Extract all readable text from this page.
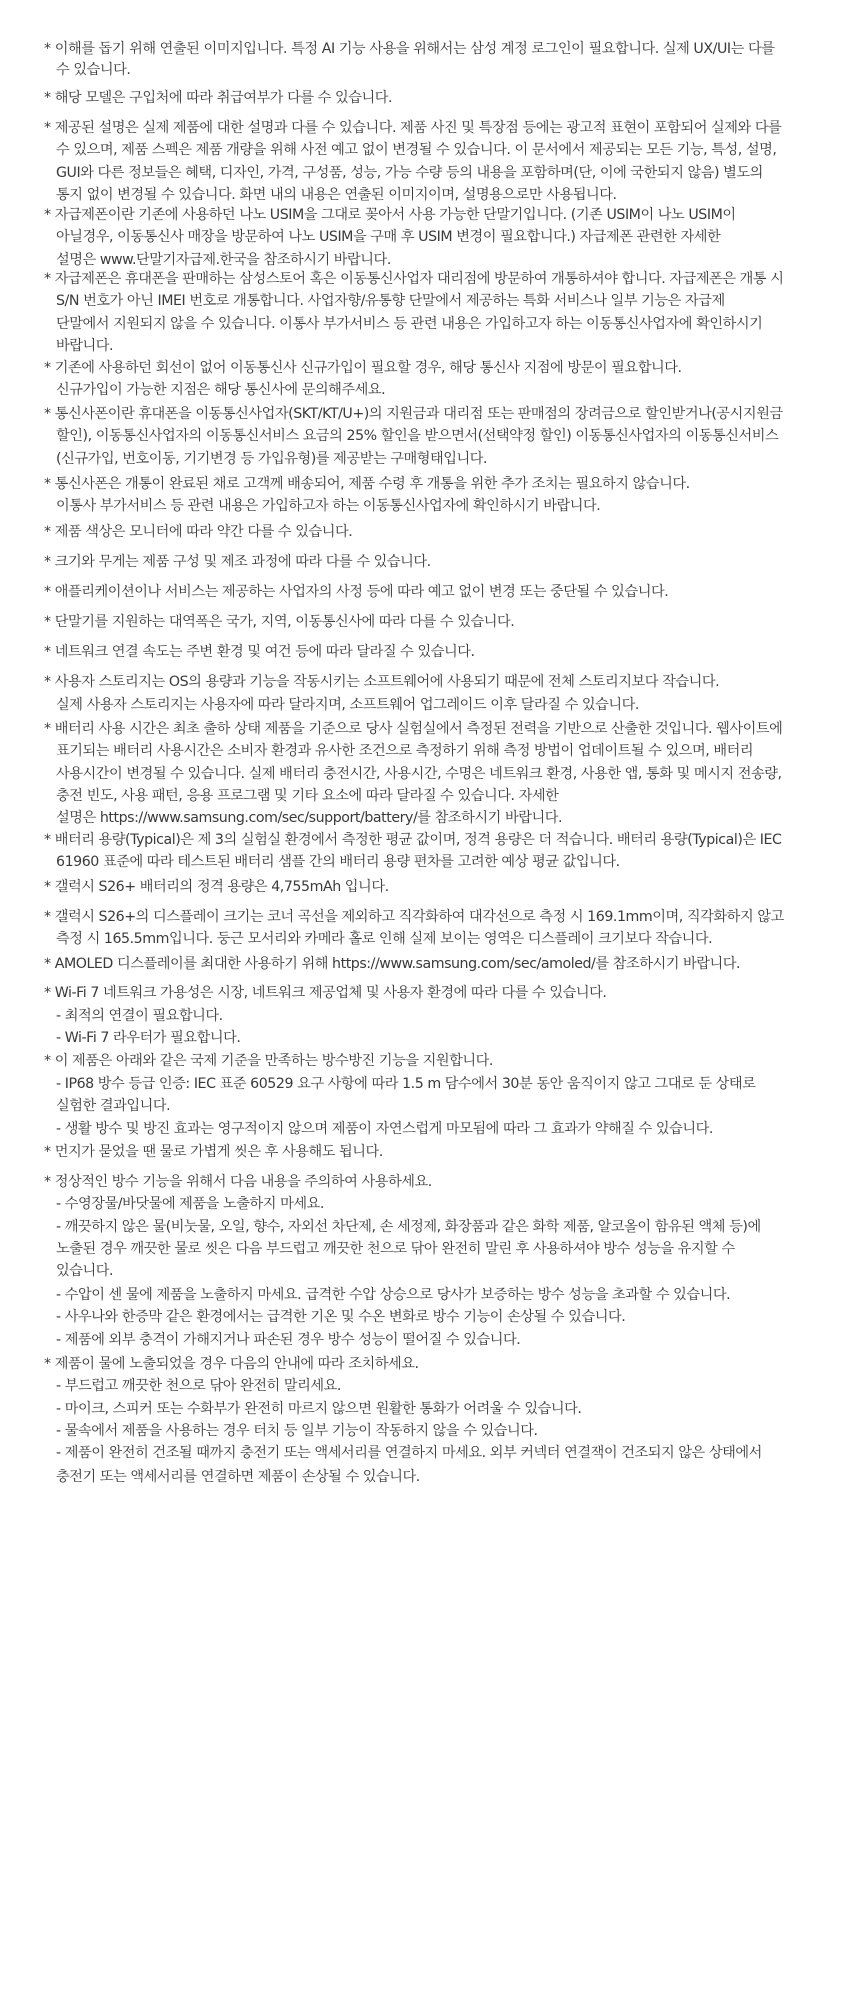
* 이해를 돕기 위해 연출된 이미지입니다. 특정 AI 기능 사용을 위해서는 삼성 계정 로그인이 필요합니다. 실제 UX/UI는 다를
수 있습니다.
* 해당 모델은 구입처에 따라 취급여부가 다를 수 있습니다.
* 제공된 설명은 실제 제품에 대한 설명과 다를 수 있습니다. 제품 사진 및 특장점 등에는 광고적 표현이 포함되어 실제와 다를
수 있으며, 제품 스펙은 제품 개량을 위해 사전 예고 없이 변경될 수 있습니다. 이 문서에서 제공되는 모든 기능, 특성, 설명,
GUI와 다른 정보들은 혜택, 디자인, 가격, 구성품, 성능, 가능 수량 등의 내용을 포함하며(단, 이에 국한되지 않음) 별도의
통지 없이 변경될 수 있습니다. 화면 내의 내용은 연출된 이미지이며, 설명용으로만 사용됩니다.
* 자급제폰이란 기존에 사용하던 나노 USIM을 그대로 꽂아서 사용 가능한 단말기입니다. (기존 USIM이 나노 USIM이
아닐경우, 이동통신사 매장을 방문하여 나노 USIM을 구매 후 USIM 변경이 필요합니다.) 자급제폰 관련한 자세한
설명은 www.단말기자급제.한국을 참조하시기 바랍니다.
* 자급제폰은 휴대폰을 판매하는 삼성스토어 혹은 이동통신사업자 대리점에 방문하여 개통하셔야 합니다. 자급제폰은 개통 시
S/N 번호가 아닌 IMEI 번호로 개통합니다. 사업자향/유통향 단말에서 제공하는 특화 서비스나 일부 기능은 자급제
단말에서 지원되지 않을 수 있습니다. 이통사 부가서비스 등 관련 내용은 가입하고자 하는 이동통신사업자에 확인하시기
바랍니다.
* 기존에 사용하던 회선이 없어 이동통신사 신규가입이 필요할 경우, 해당 통신사 지점에 방문이 필요합니다.
신규가입이 가능한 지점은 해당 통신사에 문의해주세요.
* 통신사폰이란 휴대폰을 이동통신사업자(SKT/KT/U+)의 지원금과 대리점 또는 판매점의 장려금으로 할인받거나(공시지원금
할인), 이동통신사업자의 이동통신서비스 요금의 25% 할인을 받으면서(선택약정 할인) 이동통신사업자의 이동통신서비스
(신규가입, 번호이동, 기기변경 등 가입유형)를 제공받는 구매형태입니다.
* 통신사폰은 개통이 완료된 채로 고객께 배송되어, 제품 수령 후 개통을 위한 추가 조치는 필요하지 않습니다.
이통사 부가서비스 등 관련 내용은 가입하고자 하는 이동통신사업자에 확인하시기 바랍니다.
* 제품 색상은 모니터에 따라 약간 다를 수 있습니다.
* 크기와 무게는 제품 구성 및 제조 과정에 따라 다를 수 있습니다.
* 애플리케이션이나 서비스는 제공하는 사업자의 사정 등에 따라 예고 없이 변경 또는 중단될 수 있습니다.
* 단말기를 지원하는 대역폭은 국가, 지역, 이동통신사에 따라 다를 수 있습니다.
* 네트워크 연결 속도는 주변 환경 및 여건 등에 따라 달라질 수 있습니다.
* 사용자 스토리지는 OS의 용량과 기능을 작동시키는 소프트웨어에 사용되기 때문에 전체 스토리지보다 작습니다.
실제 사용자 스토리지는 사용자에 따라 달라지며, 소프트웨어 업그레이드 이후 달라질 수 있습니다.
* 배터리 사용 시간은 최초 출하 상태 제품을 기준으로 당사 실험실에서 측정된 전력을 기반으로 산출한 것입니다. 웹사이트에
표기되는 배터리 사용시간은 소비자 환경과 유사한 조건으로 측정하기 위해 측정 방법이 업데이트될 수 있으며, 배터리
사용시간이 변경될 수 있습니다. 실제 배터리 충전시간, 사용시간, 수명은 네트워크 환경, 사용한 앱, 통화 및 메시지 전송량,
충전 빈도, 사용 패턴, 응용 프로그램 및 기타 요소에 따라 달라질 수 있습니다. 자세한
설명은 https://www.samsung.com/sec/support/battery/를 참조하시기 바랍니다.
* 배터리 용량(Typical)은 제 3의 실험실 환경에서 측정한 평균 값이며, 정격 용량은 더 적습니다. 배터리 용량(Typical)은 IEC
61960 표준에 따라 테스트된 배터리 샘플 간의 배터리 용량 편차를 고려한 예상 평균 값입니다.
* 갤럭시 S26+ 배터리의 정격 용량은 4,755mAh 입니다.
* 갤럭시 S26+의 디스플레이 크기는 코너 곡선을 제외하고 직각화하여 대각선으로 측정 시 169.1mm이며, 직각화하지 않고
측정 시 165.5mm입니다. 둥근 모서리와 카메라 홀로 인해 실제 보이는 영역은 디스플레이 크기보다 작습니다.
* AMOLED 디스플레이를 최대한 사용하기 위해 https://www.samsung.com/sec/amoled/를 참조하시기 바랍니다.
* Wi-Fi 7 네트워크 가용성은 시장, 네트워크 제공업체 및 사용자 환경에 따라 다를 수 있습니다.
- 최적의 연결이 필요합니다.
- Wi-Fi 7 라우터가 필요합니다.
* 이 제품은 아래와 같은 국제 기준을 만족하는 방수방진 기능을 지원합니다.
- IP68 방수 등급 인증: IEC 표준 60529 요구 사항에 따라 1.5 m 담수에서 30분 동안 움직이지 않고 그대로 둔 상태로
실험한 결과입니다.
- 생활 방수 및 방진 효과는 영구적이지 않으며 제품이 자연스럽게 마모됨에 따라 그 효과가 약해질 수 있습니다.
* 먼지가 묻었을 땐 물로 가볍게 씻은 후 사용해도 됩니다.
* 정상적인 방수 기능을 위해서 다음 내용을 주의하여 사용하세요.
- 수영장물/바닷물에 제품을 노출하지 마세요.
- 깨끗하지 않은 물(비눗물, 오일, 향수, 자외선 차단제, 손 세정제, 화장품과 같은 화학 제품, 알코올이 함유된 액체 등)에
노출된 경우 깨끗한 물로 씻은 다음 부드럽고 깨끗한 천으로 닦아 완전히 말린 후 사용하셔야 방수 성능을 유지할 수
있습니다.
- 수압이 센 물에 제품을 노출하지 마세요. 급격한 수압 상승으로 당사가 보증하는 방수 성능을 초과할 수 있습니다.
- 사우나와 한증막 같은 환경에서는 급격한 기온 및 수온 변화로 방수 기능이 손상될 수 있습니다.
- 제품에 외부 충격이 가해지거나 파손된 경우 방수 성능이 떨어질 수 있습니다.
* 제품이 물에 노출되었을 경우 다음의 안내에 따라 조치하세요.
- 부드럽고 깨끗한 천으로 닦아 완전히 말리세요.
- 마이크, 스피커 또는 수화부가 완전히 마르지 않으면 원활한 통화가 어려울 수 있습니다.
- 물속에서 제품을 사용하는 경우 터치 등 일부 기능이 작동하지 않을 수 있습니다.
- 제품이 완전히 건조될 때까지 충전기 또는 액세서리를 연결하지 마세요. 외부 커넥터 연결잭이 건조되지 않은 상태에서
충전기 또는 액세서리를 연결하면 제품이 손상될 수 있습니다.
